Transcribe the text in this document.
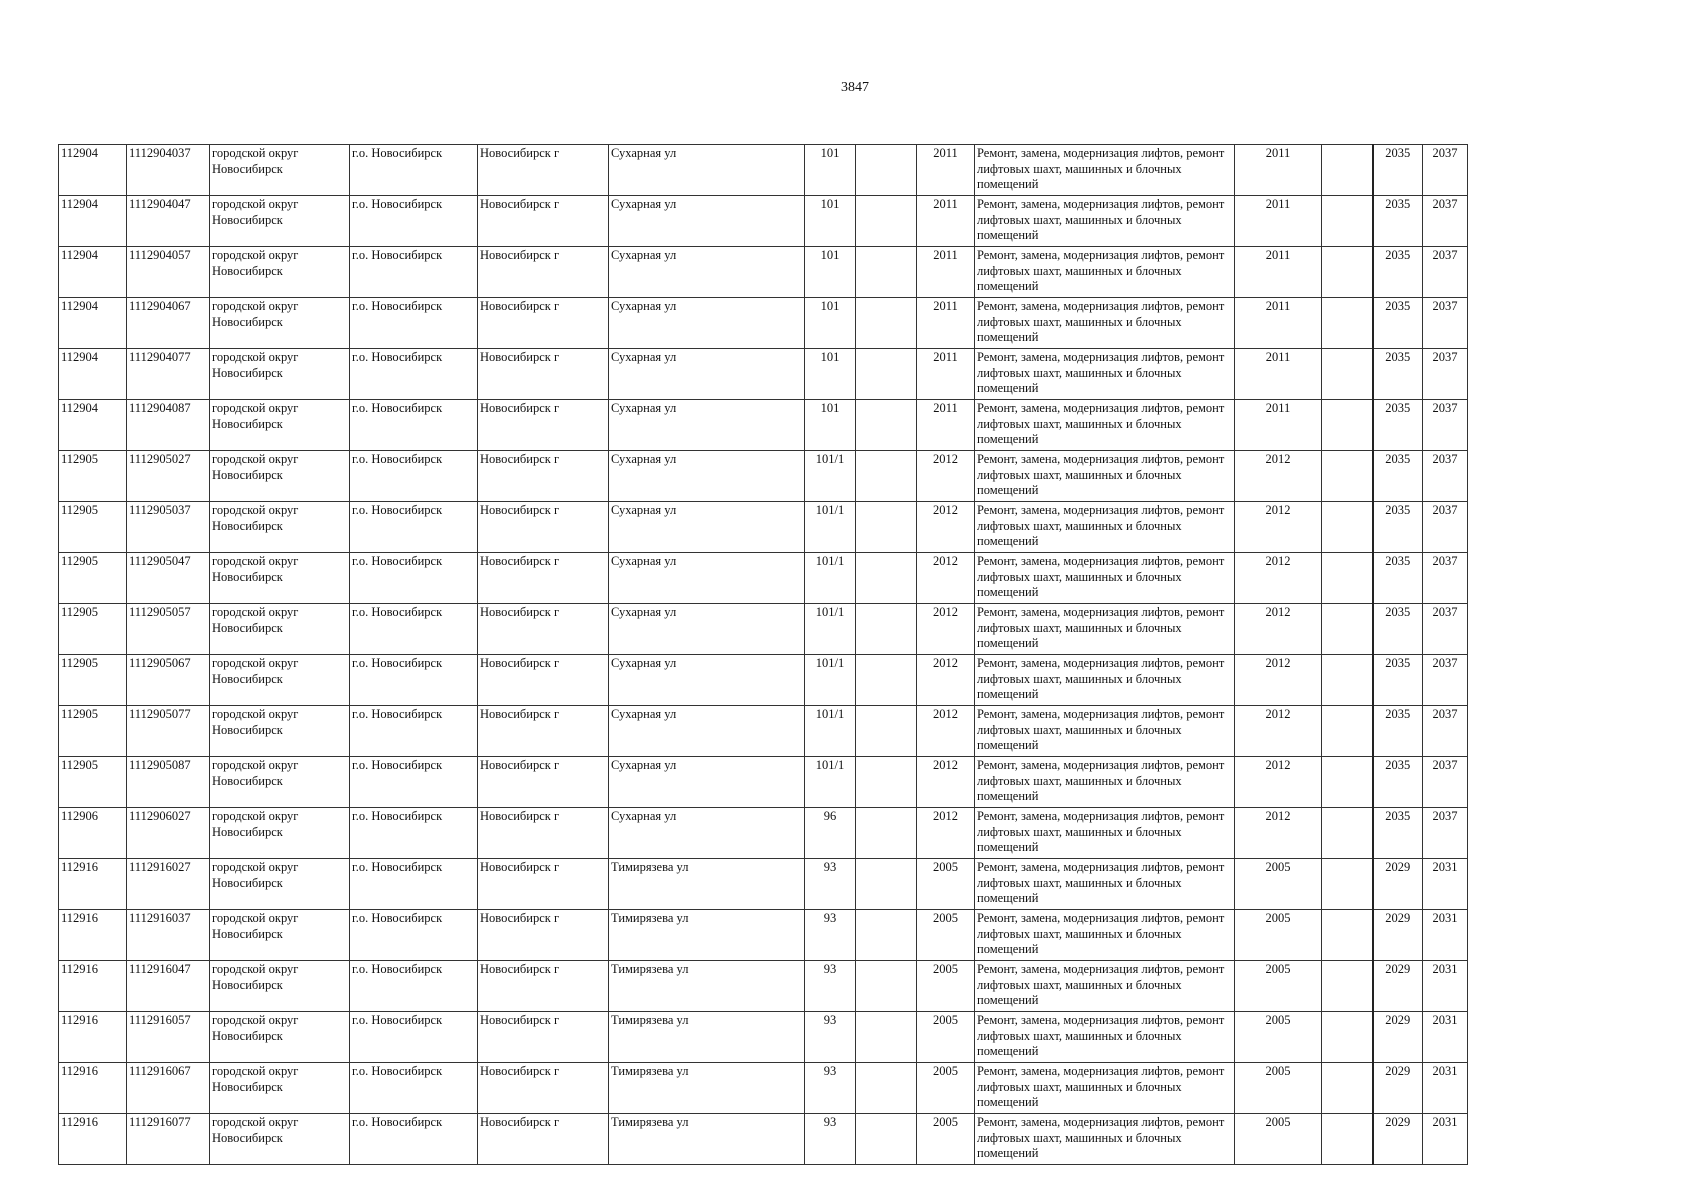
3847
112904	1112904037	городской округ Новосибирск	г.о. Новосибирск	Новосибирск г	Сухарная ул	101		2011	Ремонт, замена, модернизация лифтов, ремонт лифтовых шахт, машинных и блочных помещений	2011		2035	2037
112904	1112904047	городской округ Новосибирск	г.о. Новосибирск	Новосибирск г	Сухарная ул	101		2011	Ремонт, замена, модернизация лифтов, ремонт лифтовых шахт, машинных и блочных помещений	2011		2035	2037
112904	1112904057	городской округ Новосибирск	г.о. Новосибирск	Новосибирск г	Сухарная ул	101		2011	Ремонт, замена, модернизация лифтов, ремонт лифтовых шахт, машинных и блочных помещений	2011		2035	2037
112904	1112904067	городской округ Новосибирск	г.о. Новосибирск	Новосибирск г	Сухарная ул	101		2011	Ремонт, замена, модернизация лифтов, ремонт лифтовых шахт, машинных и блочных помещений	2011		2035	2037
112904	1112904077	городской округ Новосибирск	г.о. Новосибирск	Новосибирск г	Сухарная ул	101		2011	Ремонт, замена, модернизация лифтов, ремонт лифтовых шахт, машинных и блочных помещений	2011		2035	2037
112904	1112904087	городской округ Новосибирск	г.о. Новосибирск	Новосибирск г	Сухарная ул	101		2011	Ремонт, замена, модернизация лифтов, ремонт лифтовых шахт, машинных и блочных помещений	2011		2035	2037
112905	1112905027	городской округ Новосибирск	г.о. Новосибирск	Новосибирск г	Сухарная ул	101/1		2012	Ремонт, замена, модернизация лифтов, ремонт лифтовых шахт, машинных и блочных помещений	2012		2035	2037
112905	1112905037	городской округ Новосибирск	г.о. Новосибирск	Новосибирск г	Сухарная ул	101/1		2012	Ремонт, замена, модернизация лифтов, ремонт лифтовых шахт, машинных и блочных помещений	2012		2035	2037
112905	1112905047	городской округ Новосибирск	г.о. Новосибирск	Новосибирск г	Сухарная ул	101/1		2012	Ремонт, замена, модернизация лифтов, ремонт лифтовых шахт, машинных и блочных помещений	2012		2035	2037
112905	1112905057	городской округ Новосибирск	г.о. Новосибирск	Новосибирск г	Сухарная ул	101/1		2012	Ремонт, замена, модернизация лифтов, ремонт лифтовых шахт, машинных и блочных помещений	2012		2035	2037
112905	1112905067	городской округ Новосибирск	г.о. Новосибирск	Новосибирск г	Сухарная ул	101/1		2012	Ремонт, замена, модернизация лифтов, ремонт лифтовых шахт, машинных и блочных помещений	2012		2035	2037
112905	1112905077	городской округ Новосибирск	г.о. Новосибирск	Новосибирск г	Сухарная ул	101/1		2012	Ремонт, замена, модернизация лифтов, ремонт лифтовых шахт, машинных и блочных помещений	2012		2035	2037
112905	1112905087	городской округ Новосибирск	г.о. Новосибирск	Новосибирск г	Сухарная ул	101/1		2012	Ремонт, замена, модернизация лифтов, ремонт лифтовых шахт, машинных и блочных помещений	2012		2035	2037
112906	1112906027	городской округ Новосибирск	г.о. Новосибирск	Новосибирск г	Сухарная ул	96		2012	Ремонт, замена, модернизация лифтов, ремонт лифтовых шахт, машинных и блочных помещений	2012		2035	2037
112916	1112916027	городской округ Новосибирск	г.о. Новосибирск	Новосибирск г	Тимирязева ул	93		2005	Ремонт, замена, модернизация лифтов, ремонт лифтовых шахт, машинных и блочных помещений	2005		2029	2031
112916	1112916037	городской округ Новосибирск	г.о. Новосибирск	Новосибирск г	Тимирязева ул	93		2005	Ремонт, замена, модернизация лифтов, ремонт лифтовых шахт, машинных и блочных помещений	2005		2029	2031
112916	1112916047	городской округ Новосибирск	г.о. Новосибирск	Новосибирск г	Тимирязева ул	93		2005	Ремонт, замена, модернизация лифтов, ремонт лифтовых шахт, машинных и блочных помещений	2005		2029	2031
112916	1112916057	городской округ Новосибирск	г.о. Новосибирск	Новосибирск г	Тимирязева ул	93		2005	Ремонт, замена, модернизация лифтов, ремонт лифтовых шахт, машинных и блочных помещений	2005		2029	2031
112916	1112916067	городской округ Новосибирск	г.о. Новосибирск	Новосибирск г	Тимирязева ул	93		2005	Ремонт, замена, модернизация лифтов, ремонт лифтовых шахт, машинных и блочных помещений	2005		2029	2031
112916	1112916077	городской округ Новосибирск	г.о. Новосибирск	Новосибирск г	Тимирязева ул	93		2005	Ремонт, замена, модернизация лифтов, ремонт лифтовых шахт, машинных и блочных помещений	2005		2029	2031
